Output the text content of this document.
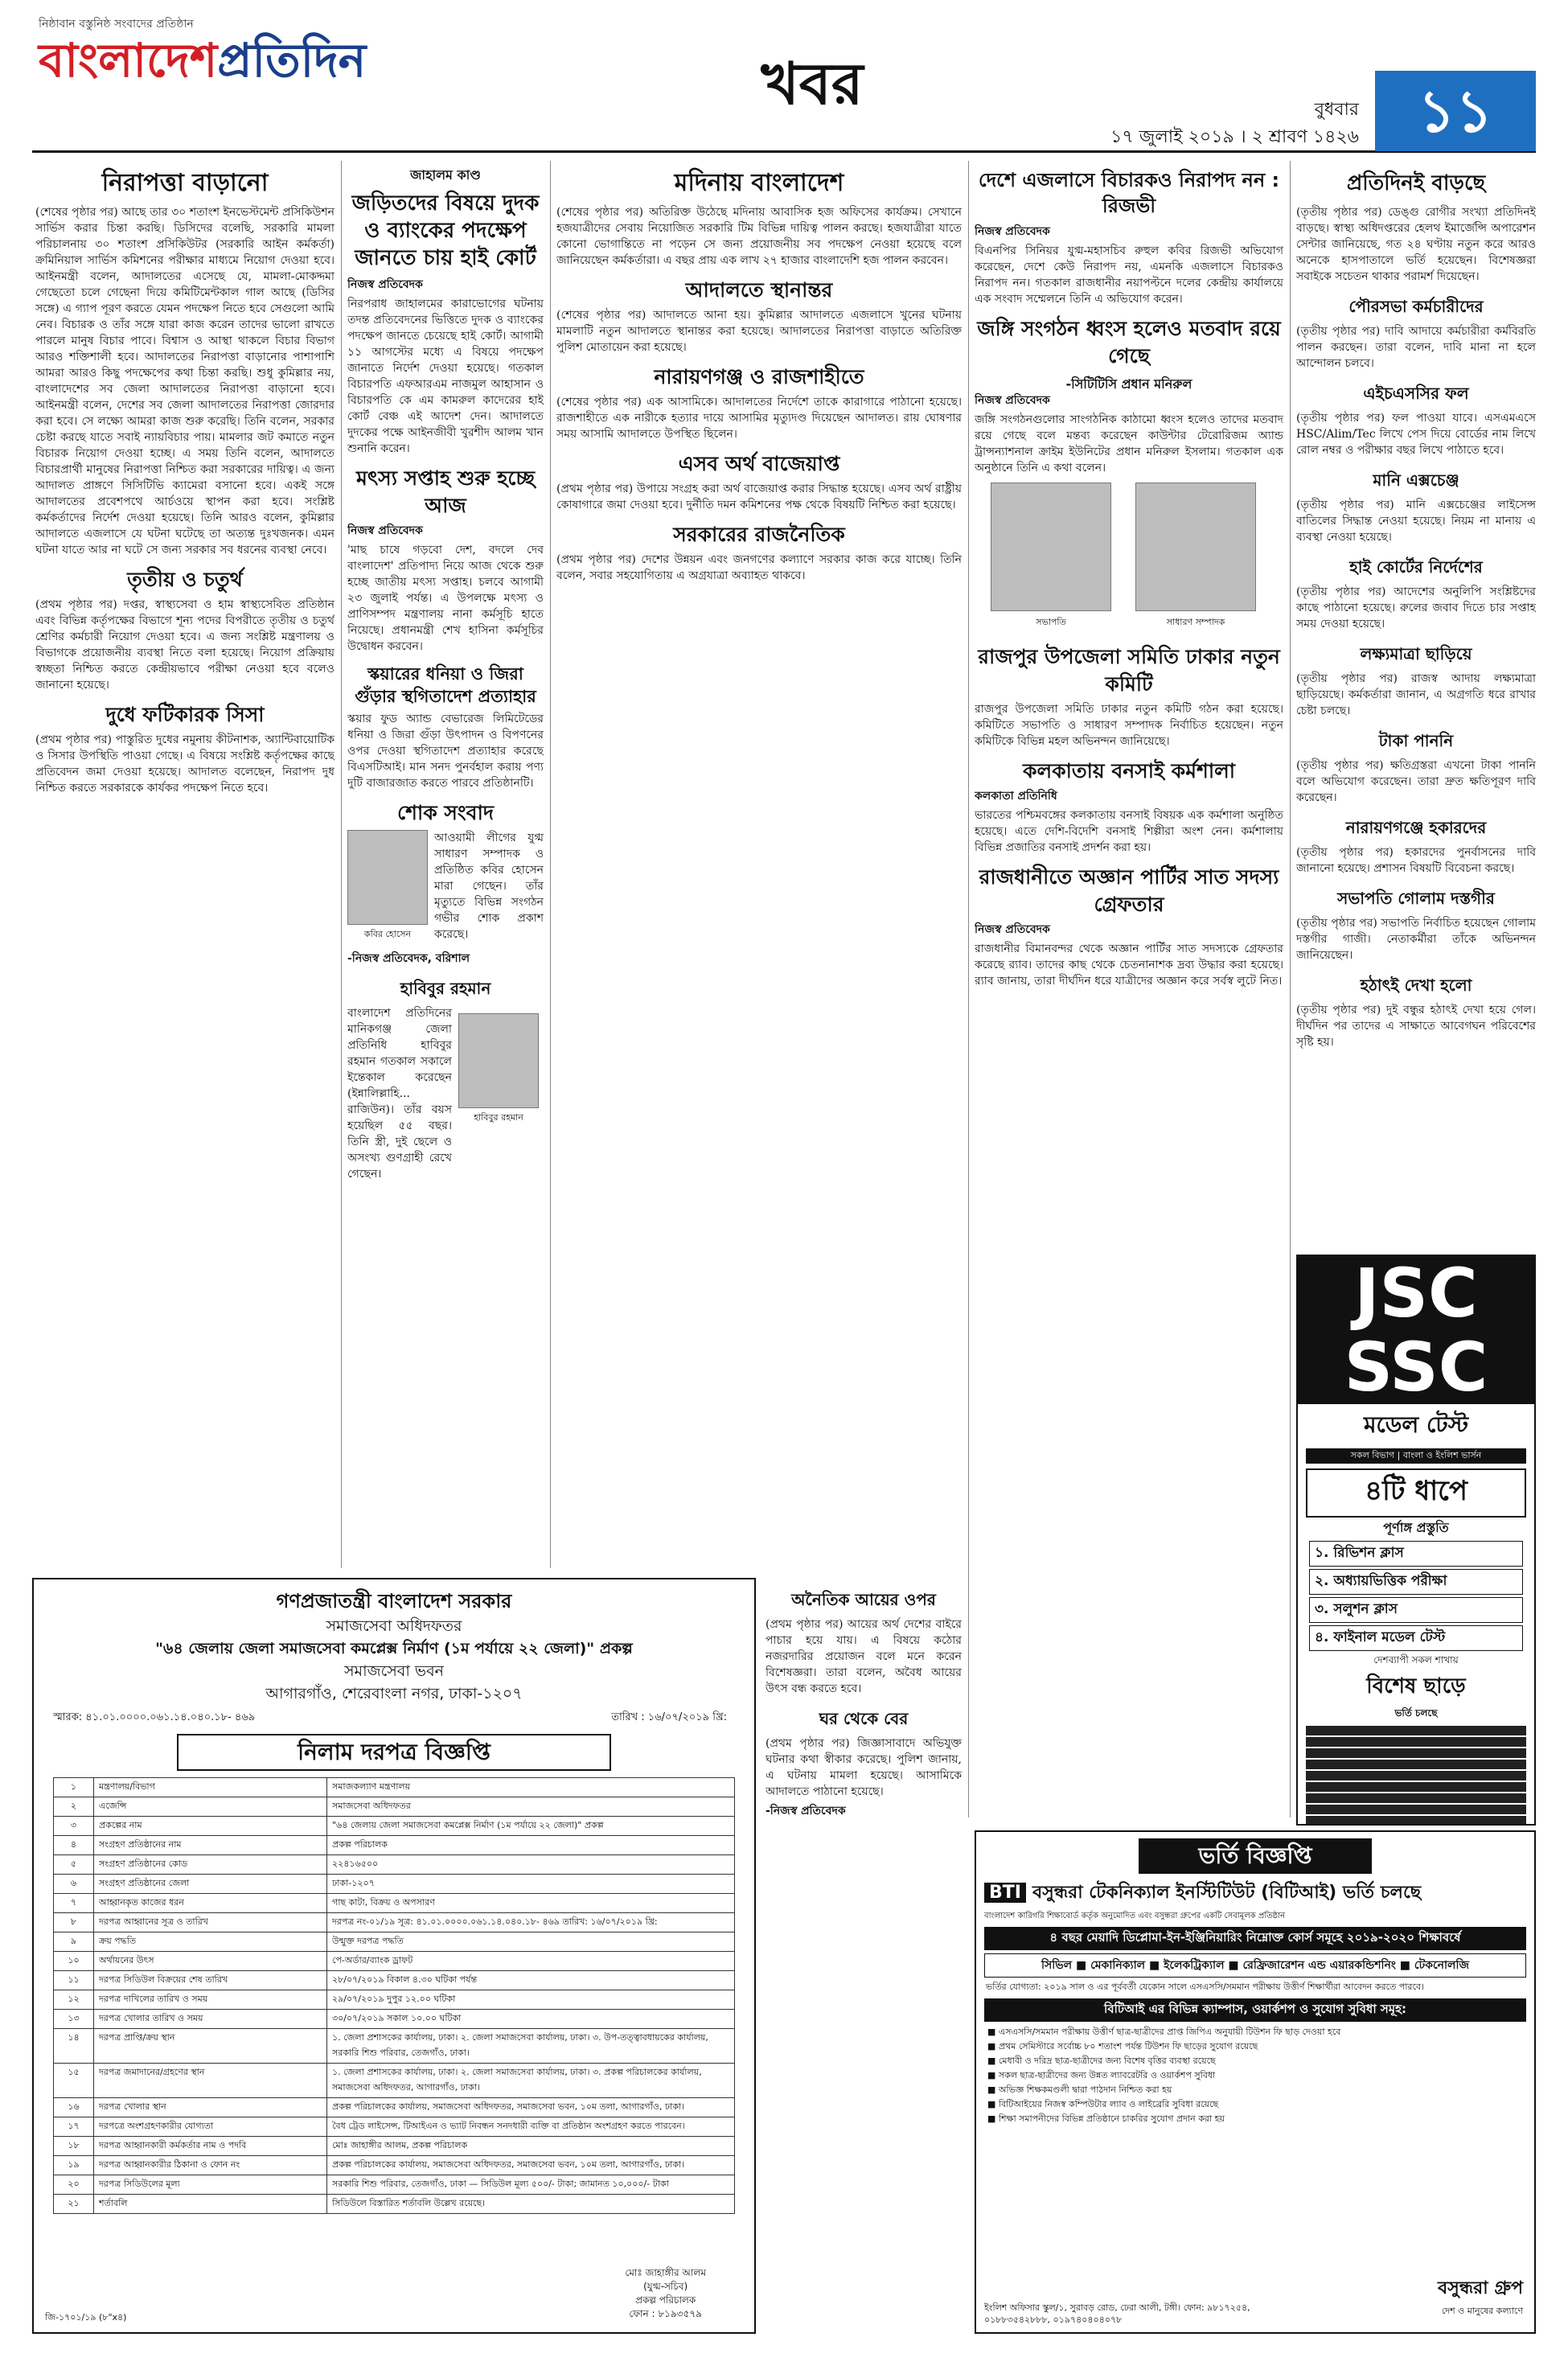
নিষ্ঠাবান বস্তুনিষ্ঠ সংবাদের প্রতিষ্ঠান
বাংলাদেশপ্রতিদিন	খবর	বুধবার
১৭ জুলাই ২০১৯ । ২ শ্রাবণ ১৪২৬	১১
নিরাপত্তা বাড়ানো

(শেষের পৃষ্ঠার পর) আছে তার ৩০ শতাংশ ইনভেস্টমেন্ট প্রসিকিউশন সার্ভিস করার চিন্তা করছি। ডিসিদের বলেছি, সরকারি মামলা পরিচালনায় ৩০ শতাংশ প্রসিকিউটর (সরকারি আইন কর্মকর্তা) ক্রমিনিয়াল সার্ভিস কমিশনের পরীক্ষার মাধ্যমে নিয়োগ দেওয়া হবে। আইনমন্ত্রী বলেন, আদালতের এসেছে যে, মামলা-মোকদ্দমা গেছেতো চলে গেছেনা দিয়ে কমিটিমেন্টকাল গাল আছে (ডিসির সঙ্গে) এ গ্যাপ পূরণ করতে যেমন পদক্ষেপ নিতে হবে সেগুলো আমি নেব। বিচারক ও তাঁর সঙ্গে যারা কাজ করেন তাদের ভালো রাখতে পারলে মানুষ বিচার পাবে। বিশ্বাস ও আস্থা থাকলে বিচার বিভাগ আরও শক্তিশালী হবে। আদালতের নিরাপত্তা বাড়ানোর পাশাপাশি আমরা আরও কিছু পদক্ষেপের কথা চিন্তা করছি। শুধু কুমিল্লার নয়, বাংলাদেশের সব জেলা আদালতের নিরাপত্তা বাড়ানো হবে। আইনমন্ত্রী বলেন, দেশের সব জেলা আদালতের নিরাপত্তা জোরদার করা হবে। সে লক্ষ্যে আমরা কাজ শুরু করেছি। তিনি বলেন, সরকার চেষ্টা করছে যাতে সবাই ন্যায়বিচার পায়। মামলার জট কমাতে নতুন বিচারক নিয়োগ দেওয়া হচ্ছে। এ সময় তিনি বলেন, আদালতে বিচারপ্রার্থী মানুষের নিরাপত্তা নিশ্চিত করা সরকারের দায়িত্ব। এ জন্য আদালত প্রাঙ্গণে সিসিটিভি ক্যামেরা বসানো হবে। একই সঙ্গে আদালতের প্রবেশপথে আর্চওয়ে স্থাপন করা হবে। সংশ্লিষ্ট কর্মকর্তাদের নির্দেশ দেওয়া হয়েছে। তিনি আরও বলেন, কুমিল্লার আদালতে এজলাসে যে ঘটনা ঘটেছে তা অত্যন্ত দুঃখজনক। এমন ঘটনা যাতে আর না ঘটে সে জন্য সরকার সব ধরনের ব্যবস্থা নেবে।

তৃতীয় ও চতুর্থ

(প্রথম পৃষ্ঠার পর) দপ্তর, স্বাস্থ্যসেবা ও হাম স্বাস্থ্যসেবিত প্রতিষ্ঠান এবং বিভিন্ন কর্তৃপক্ষের বিভাগে শূন্য পদের বিপরীতে তৃতীয় ও চতুর্থ শ্রেণির কর্মচারী নিয়োগ দেওয়া হবে। এ জন্য সংশ্লিষ্ট মন্ত্রণালয় ও বিভাগকে প্রয়োজনীয় ব্যবস্থা নিতে বলা হয়েছে। নিয়োগ প্রক্রিয়ায় স্বচ্ছতা নিশ্চিত করতে কেন্দ্রীয়ভাবে পরীক্ষা নেওয়া হবে বলেও জানানো হয়েছে।

দুধে ফটিকারক সিসা

(প্রথম পৃষ্ঠার পর) পাস্তুরিত দুধের নমুনায় কীটনাশক, অ্যান্টিবায়োটিক ও সিসার উপস্থিতি পাওয়া গেছে। এ বিষয়ে সংশ্লিষ্ট কর্তৃপক্ষের কাছে প্রতিবেদন জমা দেওয়া হয়েছে। আদালত বলেছেন, নিরাপদ দুধ নিশ্চিত করতে সরকারকে কার্যকর পদক্ষেপ নিতে হবে।

জাহালম কাণ্ড
জড়িতদের বিষয়ে দুদক ও ব্যাংকের পদক্ষেপ জানতে চায় হাই কোর্ট
নিজস্ব প্রতিবেদক

নিরপরাধ জাহালমের কারাভোগের ঘটনায় তদন্ত প্রতিবেদনের ভিত্তিতে দুদক ও ব্যাংকের পদক্ষেপ জানতে চেয়েছে হাই কোর্ট। আগামী ১১ আগস্টের মধ্যে এ বিষয়ে পদক্ষেপ জানাতে নির্দেশ দেওয়া হয়েছে। গতকাল বিচারপতি এফআরএম নাজমুল আহাসান ও বিচারপতি কে এম কামরুল কাদেরের হাই কোর্ট বেঞ্চ এই আদেশ দেন। আদালতে দুদকের পক্ষে আইনজীবী খুরশীদ আলম খান শুনানি করেন।

মৎস্য সপ্তাহ শুরু হচ্ছে আজ
নিজস্ব প্রতিবেদক

'মাছ চাষে গড়বো দেশ, বদলে দেব বাংলাদেশ' প্রতিপাদ্য নিয়ে আজ থেকে শুরু হচ্ছে জাতীয় মৎস্য সপ্তাহ। চলবে আগামী ২৩ জুলাই পর্যন্ত। এ উপলক্ষে মৎস্য ও প্রাণিসম্পদ মন্ত্রণালয় নানা কর্মসূচি হাতে নিয়েছে। প্রধানমন্ত্রী শেখ হাসিনা কর্মসূচির উদ্বোধন করবেন।

স্কয়ারের ধনিয়া ও জিরা গুঁড়ার স্থগিতাদেশ প্রত্যাহার

স্কয়ার ফুড অ্যান্ড বেভারেজ লিমিটেডের ধনিয়া ও জিরা গুঁড়া উৎপাদন ও বিপণনের ওপর দেওয়া স্থগিতাদেশ প্রত্যাহার করেছে বিএসটিআই। মান সনদ পুনর্বহাল করায় পণ্য দুটি বাজারজাত করতে পারবে প্রতিষ্ঠানটি।

শোক সংবাদ
কবির হোসেন

আওয়ামী লীগের যুগ্ম সাধারণ সম্পাদক ও প্রতিষ্ঠিত কবির হোসেন মারা গেছেন। তাঁর মৃত্যুতে বিভিন্ন সংগঠন গভীর শোক প্রকাশ করেছে।

-নিজস্ব প্রতিবেদক, বরিশাল
হাবিবুর রহমান

বাংলাদেশ প্রতিদিনের মানিকগঞ্জ জেলা প্রতিনিধি হাবিবুর রহমান গতকাল সকালে ইন্তেকাল করেছেন (ইন্নালিল্লাহি... রাজিউন)। তাঁর বয়স হয়েছিল ৫৫ বছর। তিনি স্ত্রী, দুই ছেলে ও অসংখ্য গুণগ্রাহী রেখে গেছেন।

হাবিবুর রহমান
মদিনায় বাংলাদেশ

(শেষের পৃষ্ঠার পর) অতিরিক্ত উঠেছে মদিনায় আবাসিক হজ অফিসের কার্যক্রম। সেখানে হজযাত্রীদের সেবায় নিয়োজিত সরকারি টিম বিভিন্ন দায়িত্ব পালন করছে। হজযাত্রীরা যাতে কোনো ভোগান্তিতে না পড়েন সে জন্য প্রয়োজনীয় সব পদক্ষেপ নেওয়া হয়েছে বলে জানিয়েছেন কর্মকর্তারা। এ বছর প্রায় এক লাখ ২৭ হাজার বাংলাদেশি হজ পালন করবেন।

আদালতে স্থানান্তর

(শেষের পৃষ্ঠার পর) আদালতে আনা হয়। কুমিল্লার আদালতে এজলাসে খুনের ঘটনায় মামলাটি নতুন আদালতে স্থানান্তর করা হয়েছে। আদালতের নিরাপত্তা বাড়াতে অতিরিক্ত পুলিশ মোতায়েন করা হয়েছে।

নারায়ণগঞ্জ ও রাজশাহীতে

(শেষের পৃষ্ঠার পর) এক আসামিকে। আদালতের নির্দেশে তাকে কারাগারে পাঠানো হয়েছে। রাজশাহীতে এক নারীকে হত্যার দায়ে আসামির মৃত্যুদণ্ড দিয়েছেন আদালত। রায় ঘোষণার সময় আসামি আদালতে উপস্থিত ছিলেন।

এসব অর্থ বাজেয়াপ্ত

(প্রথম পৃষ্ঠার পর) উপায়ে সংগ্রহ করা অর্থ বাজেয়াপ্ত করার সিদ্ধান্ত হয়েছে। এসব অর্থ রাষ্ট্রীয় কোষাগারে জমা দেওয়া হবে। দুর্নীতি দমন কমিশনের পক্ষ থেকে বিষয়টি নিশ্চিত করা হয়েছে।

সরকারের রাজনৈতিক

(প্রথম পৃষ্ঠার পর) দেশের উন্নয়ন এবং জনগণের কল্যাণে সরকার কাজ করে যাচ্ছে। তিনি বলেন, সবার সহযোগিতায় এ অগ্রযাত্রা অব্যাহত থাকবে।

অনৈতিক আয়ের ওপর

(প্রথম পৃষ্ঠার পর) আয়ের অর্থ দেশের বাইরে পাচার হয়ে যায়। এ বিষয়ে কঠোর নজরদারির প্রয়োজন বলে মনে করেন বিশেষজ্ঞরা। তারা বলেন, অবৈধ আয়ের উৎস বন্ধ করতে হবে।

ঘর থেকে বের

(প্রথম পৃষ্ঠার পর) জিজ্ঞাসাবাদে অভিযুক্ত ঘটনার কথা স্বীকার করেছে। পুলিশ জানায়, এ ঘটনায় মামলা হয়েছে। আসামিকে আদালতে পাঠানো হয়েছে।

-নিজস্ব প্রতিবেদক
দেশে এজলাসে বিচারকও নিরাপদ নন : রিজভী
নিজস্ব প্রতিবেদক

বিএনপির সিনিয়র যুগ্ম-মহাসচিব রুহুল কবির রিজভী অভিযোগ করেছেন, দেশে কেউ নিরাপদ নয়, এমনকি এজলাসে বিচারকও নিরাপদ নন। গতকাল রাজধানীর নয়াপল্টনে দলের কেন্দ্রীয় কার্যালয়ে এক সংবাদ সম্মেলনে তিনি এ অভিযোগ করেন।

জঙ্গি সংগঠন ধ্বংস হলেও মতবাদ রয়ে গেছে
-সিটিটিসি প্রধান মনিরুল
নিজস্ব প্রতিবেদক

জঙ্গি সংগঠনগুলোর সাংগঠনিক কাঠামো ধ্বংস হলেও তাদের মতবাদ রয়ে গেছে বলে মন্তব্য করেছেন কাউন্টার টেরোরিজম অ্যান্ড ট্রান্সন্যাশনাল ক্রাইম ইউনিটের প্রধান মনিরুল ইসলাম। গতকাল এক অনুষ্ঠানে তিনি এ কথা বলেন।

সভাপতি	সাধারণ সম্পাদক
রাজপুর উপজেলা সমিতি ঢাকার নতুন কমিটি

রাজপুর উপজেলা সমিতি ঢাকার নতুন কমিটি গঠন করা হয়েছে। কমিটিতে সভাপতি ও সাধারণ সম্পাদক নির্বাচিত হয়েছেন। নতুন কমিটিকে বিভিন্ন মহল অভিনন্দন জানিয়েছে।

কলকাতায় বনসাই কর্মশালা
কলকাতা প্রতিনিধি

ভারতের পশ্চিমবঙ্গের কলকাতায় বনসাই বিষয়ক এক কর্মশালা অনুষ্ঠিত হয়েছে। এতে দেশি-বিদেশি বনসাই শিল্পীরা অংশ নেন। কর্মশালায় বিভিন্ন প্রজাতির বনসাই প্রদর্শন করা হয়।

রাজধানীতে অজ্ঞান পার্টির সাত সদস্য গ্রেফতার
নিজস্ব প্রতিবেদক

রাজধানীর বিমানবন্দর থেকে অজ্ঞান পার্টির সাত সদস্যকে গ্রেফতার করেছে র‌্যাব। তাদের কাছ থেকে চেতনানাশক দ্রব্য উদ্ধার করা হয়েছে। র‌্যাব জানায়, তারা দীর্ঘদিন ধরে যাত্রীদের অজ্ঞান করে সর্বস্ব লুটে নিত।

প্রতিদিনই বাড়ছে

(তৃতীয় পৃষ্ঠার পর) ডেঙ্গু রোগীর সংখ্যা প্রতিদিনই বাড়ছে। স্বাস্থ্য অধিদপ্তরের হেলথ ইমার্জেন্সি অপারেশন সেন্টার জানিয়েছে, গত ২৪ ঘণ্টায় নতুন করে আরও অনেকে হাসপাতালে ভর্তি হয়েছেন। বিশেষজ্ঞরা সবাইকে সচেতন থাকার পরামর্শ দিয়েছেন।

পৌরসভা কর্মচারীদের

(তৃতীয় পৃষ্ঠার পর) দাবি আদায়ে কর্মচারীরা কর্মবিরতি পালন করছেন। তারা বলেন, দাবি মানা না হলে আন্দোলন চলবে।

এইচএসসির ফল

(তৃতীয় পৃষ্ঠার পর) ফল পাওয়া যাবে। এসএমএসে HSC/Alim/Tec লিখে পেস দিয়ে বোর্ডের নাম লিখে রোল নম্বর ও পরীক্ষার বছর লিখে পাঠাতে হবে।

মানি এক্সচেঞ্জ

(তৃতীয় পৃষ্ঠার পর) মানি এক্সচেঞ্জের লাইসেন্স বাতিলের সিদ্ধান্ত নেওয়া হয়েছে। নিয়ম না মানায় এ ব্যবস্থা নেওয়া হয়েছে।

হাই কোর্টের নির্দেশের

(তৃতীয় পৃষ্ঠার পর) আদেশের অনুলিপি সংশ্লিষ্টদের কাছে পাঠানো হয়েছে। রুলের জবাব দিতে চার সপ্তাহ সময় দেওয়া হয়েছে।

লক্ষ্যমাত্রা ছাড়িয়ে

(তৃতীয় পৃষ্ঠার পর) রাজস্ব আদায় লক্ষ্যমাত্রা ছাড়িয়েছে। কর্মকর্তারা জানান, এ অগ্রগতি ধরে রাখার চেষ্টা চলছে।

টাকা পাননি

(তৃতীয় পৃষ্ঠার পর) ক্ষতিগ্রস্তরা এখনো টাকা পাননি বলে অভিযোগ করেছেন। তারা দ্রুত ক্ষতিপূরণ দাবি করেছেন।

নারায়ণগঞ্জে হকারদের

(তৃতীয় পৃষ্ঠার পর) হকারদের পুনর্বাসনের দাবি জানানো হয়েছে। প্রশাসন বিষয়টি বিবেচনা করছে।

সভাপতি গোলাম দস্তগীর

(তৃতীয় পৃষ্ঠার পর) সভাপতি নির্বাচিত হয়েছেন গোলাম দস্তগীর গাজী। নেতাকর্মীরা তাঁকে অভিনন্দন জানিয়েছেন।

হঠাৎই দেখা হলো

(তৃতীয় পৃষ্ঠার পর) দুই বন্ধুর হঠাৎই দেখা হয়ে গেল। দীর্ঘদিন পর তাদের এ সাক্ষাতে আবেগঘন পরিবেশের সৃষ্টি হয়।

গণপ্রজাতন্ত্রী বাংলাদেশ সরকার
সমাজসেবা অধিদফতর
"৬৪ জেলায় জেলা সমাজসেবা কমপ্লেক্স নির্মাণ (১ম পর্যায়ে ২২ জেলা)" প্রকল্প
সমাজসেবা ভবন
আগারগাঁও, শেরেবাংলা নগর, ঢাকা-১২০৭
স্মারক: ৪১.০১.০০০০.০৬১.১৪.০৪০.১৮- ৪৬৯	তারিখ : ১৬/০৭/২০১৯ খ্রি:
নিলাম দরপত্র বিজ্ঞপ্তি
১	মন্ত্রণালয়/বিভাগ	সমাজকল্যাণ মন্ত্রণালয়
২	এজেন্সি	সমাজসেবা অধিদফতর
৩	প্রকল্পের নাম	"৬৪ জেলায় জেলা সমাজসেবা কমপ্লেক্স নির্মাণ (১ম পর্যায়ে ২২ জেলা)" প্রকল্প
৪	সংগ্রহণ প্রতিষ্ঠানের নাম	প্রকল্প পরিচালক
৫	সংগ্রহণ প্রতিষ্ঠানের কোড	২২৪১৬৫০০
৬	সংগ্রহণ প্রতিষ্ঠানের জেলা	ঢাকা-১২০৭
৭	আহ্বানকৃত কাজের ধরন	গাছ কাটা, বিক্রয় ও অপসারণ
৮	দরপত্র আহ্বানের সূত্র ও তারিখ	দরপত্র নং-০১/১৯ সূত্র: ৪১.০১.০০০০.০৬১.১৪.০৪০.১৮- ৪৬৯ তারিখ: ১৬/০৭/২০১৯ খ্রি:
৯	ক্রয় পদ্ধতি	উন্মুক্ত দরপত্র পদ্ধতি
১০	অর্থায়নের উৎস	পে-অর্ডার/ব্যাংক ড্রাফট
১১	দরপত্র সিডিউল বিক্রয়ের শেষ তারিখ	২৮/০৭/২০১৯ বিকাল ৪.৩০ ঘটিকা পর্যন্ত
১২	দরপত্র দাখিলের তারিখ ও সময়	২৯/০৭/২০১৯ দুপুর ১২.০০ ঘটিকা
১৩	দরপত্র খোলার তারিখ ও সময়	৩০/০৭/২০১৯ সকাল ১০.০০ ঘটিকা
১৪	দরপত্র প্রাপ্তি/ক্রয় স্থান	১. জেলা প্রশাসকের কার্যালয়, ঢাকা। ২. জেলা সমাজসেবা কার্যালয়, ঢাকা। ৩. উপ-তত্ত্বাবধায়কের কার্যালয়, সরকারি শিশু পরিবার, তেজগাঁও, ঢাকা।
১৫	দরপত্র জমাদানের/গ্রহণের স্থান	১. জেলা প্রশাসকের কার্যালয়, ঢাকা। ২. জেলা সমাজসেবা কার্যালয়, ঢাকা। ৩. প্রকল্প পরিচালকের কার্যালয়, সমাজসেবা অধিদফতর, আগারগাঁও, ঢাকা।
১৬	দরপত্র খোলার স্থান	প্রকল্প পরিচালকের কার্যালয়, সমাজসেবা অধিদফতর, সমাজসেবা ভবন, ১০ম তলা, আগারগাঁও, ঢাকা।
১৭	দরপত্রে অংশগ্রহণকারীর যোগ্যতা	বৈধ ট্রেড লাইসেন্স, টিআইএন ও ভ্যাট নিবন্ধন সনদধারী ব্যক্তি বা প্রতিষ্ঠান অংশগ্রহণ করতে পারবেন।
১৮	দরপত্র আহ্বানকারী কর্মকর্তার নাম ও পদবি	মোঃ জাহাঙ্গীর আলম, প্রকল্প পরিচালক
১৯	দরপত্র আহ্বানকারীর ঠিকানা ও ফোন নং	প্রকল্প পরিচালকের কার্যালয়, সমাজসেবা অধিদফতর, সমাজসেবা ভবন, ১০ম তলা, আগারগাঁও, ঢাকা।
২০	দরপত্র সিডিউলের মূল্য	সরকারি শিশু পরিবার, তেজগাঁও, ঢাকা — সিডিউল মূল্য ৫০০/- টাকা; জামানত ১০,০০০/- টাকা
২১	শর্তাবলি	সিডিউলে বিস্তারিত শর্তাবলি উল্লেখ রয়েছে।
মোঃ জাহাঙ্গীর আলম
(যুগ্ম-সচিব)
প্রকল্প পরিচালক
ফোন : ৮১৯৩৫৭৯
জি-১৭০১/১৯ (৮"x৪)
JSC
SSC
মডেল টেস্ট
সকল বিভাগ | বাংলা ও ইংলিশ ভার্সন
৪টি ধাপে
পূর্ণাঙ্গ প্রস্তুতি
১. রিভিশন ক্লাস
২. অধ্যায়ভিত্তিক পরীক্ষা
৩. সলুশন ক্লাস
৪. ফাইনাল মডেল টেস্ট
দেশব্যাপী সকল শাখায়
বিশেষ ছাড়ে
ভর্তি চলছে
ভর্তি বিজ্ঞপ্তি
BTI বসুন্ধরা টেকনিক্যাল ইনস্টিটিউট (বিটিআই) ভর্তি চলছে
বাংলাদেশ কারিগরি শিক্ষাবোর্ড কর্তৃক অনুমোদিত এবং বসুন্ধরা গ্রুপের একটি সেবামূলক প্রতিষ্ঠান
৪ বছর মেয়াদি ডিপ্লোমা-ইন-ইঞ্জিনিয়ারিং নিম্নোক্ত কোর্স সমূহে ২০১৯-২০২০ শিক্ষাবর্ষে
সিভিল ■ মেকানিক্যাল ■ ইলেকট্রিক্যাল ■ রেফ্রিজারেশন এন্ড এয়ারকন্ডিশনিং ■ টেকনোলজি
ভর্তির যোগ্যতা: ২০১৯ সাল ও এর পূর্ববর্তী যেকোন সালে এসএসসি/সমমান পরীক্ষায় উত্তীর্ণ শিক্ষার্থীরা আবেদন করতে পারবে।
বিটিআই এর বিভিন্ন ক্যাম্পাস, ওয়ার্কশপ ও সুযোগ সুবিধা সমূহ:
■ এসএসসি/সমমান পরীক্ষায় উত্তীর্ণ ছাত্র-ছাত্রীদের প্রাপ্ত জিপিএ অনুযায়ী টিউশন ফি ছাড় দেওয়া হবে
■ প্রথম সেমিস্টারে সর্বোচ্চ ৮০ শতাংশ পর্যন্ত টিউশন ফি ছাড়ের সুযোগ রয়েছে
■ মেধাবী ও দরিদ্র ছাত্র-ছাত্রীদের জন্য বিশেষ বৃত্তির ব্যবস্থা রয়েছে
■ সকল ছাত্র-ছাত্রীদের জন্য উন্নত ল্যাবরেটরি ও ওয়ার্কশপ সুবিধা
■ অভিজ্ঞ শিক্ষকমণ্ডলী দ্বারা পাঠদান নিশ্চিত করা হয়
■ বিটিআইয়ের নিজস্ব কম্পিউটার ল্যাব ও লাইব্রেরি সুবিধা রয়েছে
■ শিক্ষা সমাপনীদের বিভিন্ন প্রতিষ্ঠানে চাকরির সুযোগ প্রদান করা হয়
ইংলিশ অফিসার স্কুল/১, সুরাবড় রোড, ঢেরা আলী, টঙ্গী। ফোন: ৯৮১৭২৫৪, ০১৮৮৩৫৪২৮৮৮, ০১৯৭৪০৪০৪০৭৮
বসুন্ধরা গ্রুপ
দেশ ও মানুষের কল্যাণে
